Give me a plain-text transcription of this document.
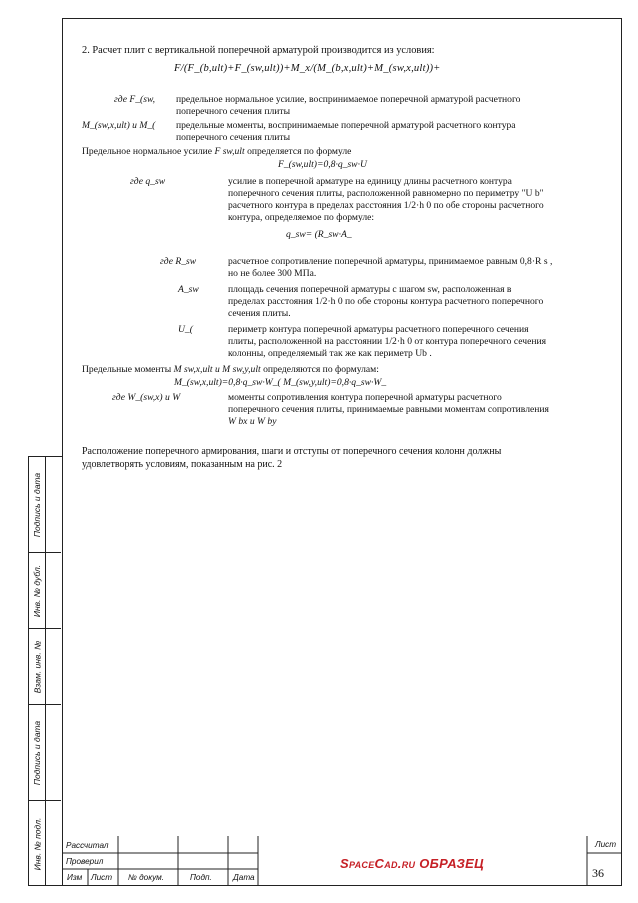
Подпись и дата
Инв. № дубл.
Взам. инв. №
Подпись и дата
Инв. № подл.
2. Расчет плит с вертикальной поперечной арматурой производится из условия:
F/(F_(b,ult)+F_(sw,ult))+M_x/(M_(b,x,ult)+M_(sw,x,ult))+
где F_(sw, предельное нормальное усилие, воспринимаемое поперечной арматурой расчетного
поперечного сечения плиты
M_(sw,x,ult) и M_( предельные моменты, воспринимаемые поперечной арматурой расчетного контура
поперечного сечения плиты
Предельное нормальное усилие F sw,ult определяется по формуле
F_(sw,ult)=0,8·q_sw·U
где q_sw	усилие в поперечной арматуре на единицу длины расчетного контура
поперечного сечения плиты, расположенной равномерно по периметру "U b"
расчетного контура в пределах расстояния 1/2·h 0 по обе стороны расчетного
контура, определяемое по формуле:
q_sw= (R_sw·A_
где R_sw	расчетное сопротивление поперечной арматуры, принимаемое равным 0,8·R s ,
но не более 300 МПа.
A_sw	площадь сечения поперечной арматуры с шагом sw, расположенная в
пределах расстояния 1/2·h 0 по обе стороны контура расчетного поперечного
сечения плиты.
U_(	периметр контура поперечной арматуры расчетного поперечного сечения
плиты, расположенной на расстоянии 1/2·h 0 от контура поперечного сечения
колонны, определяемый так же как периметр Ub .
Предельные моменты M sw,x,ult и M sw,y,ult определяются по формулам:
M_(sw,x,ult)=0,8·q_sw·W_( M_(sw,y,ult)=0,8·q_sw·W_
где W_(sw,x) и W	моменты сопротивления контура поперечной арматуры расчетного
поперечного сечения плиты, принимаемые равными моментам сопротивления
W bx и W by
Расположение поперечного армирования, шаги и отступы от поперечного сечения колонн должны
удовлетворять условиям, показанным на рис. 2
Рассчитал
Проверил
Изм Лист № докум.	Подп.	Дата
Лист
SpaceCad.ru ОБРАЗЕЦ
36
